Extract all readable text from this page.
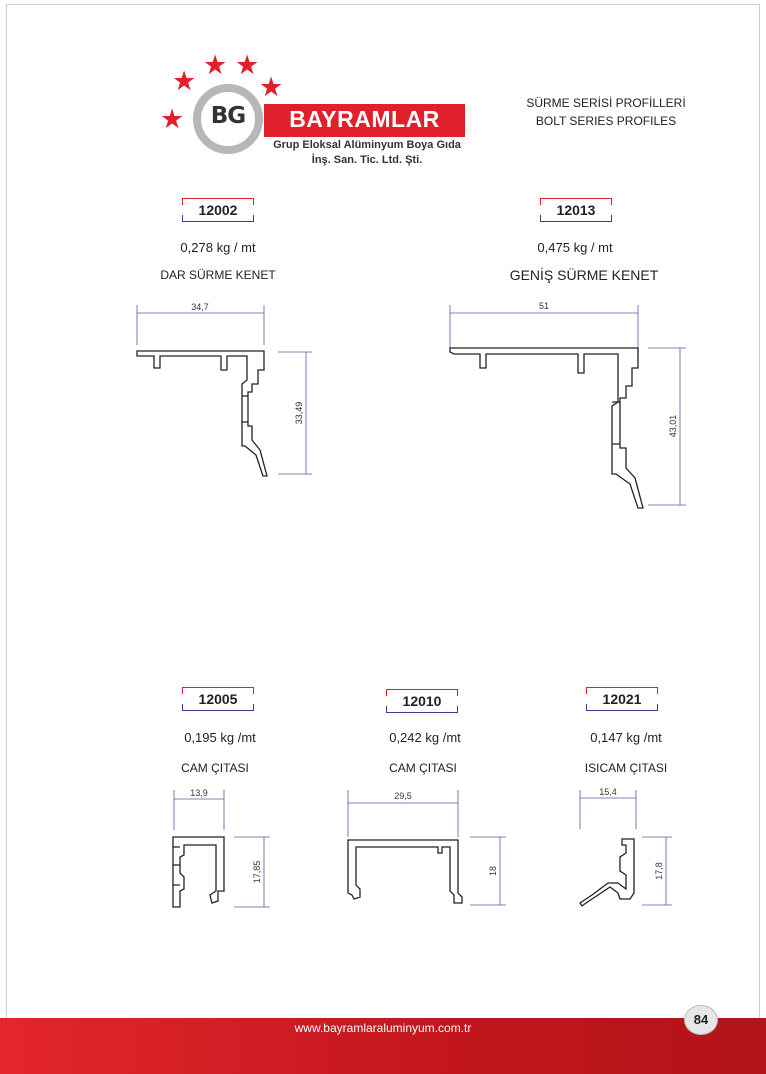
★ ★
★ ★
★	BG	BAYRAMLAR
Grup Eloksal Alüminyum Boya Gıda
İnş. San. Tic. Ltd. Şti.
SÜRME SERİSİ PROFİLLERİ
BOLT SERIES PROFILES
12002
0,278 kg / mt
DAR SÜRME KENET
34,7
33,49
12013
0,475 kg / mt
GENİŞ SÜRME KENET
51
43,01
12005
0,195 kg /mt
CAM ÇITASI
13,9
17,85
12010
0,242 kg /mt
CAM ÇITASI
29,5
18
12021
0,147 kg /mt
ISICAM ÇITASI
15,4
17,8
www.bayramlaraluminyum.com.tr
84
